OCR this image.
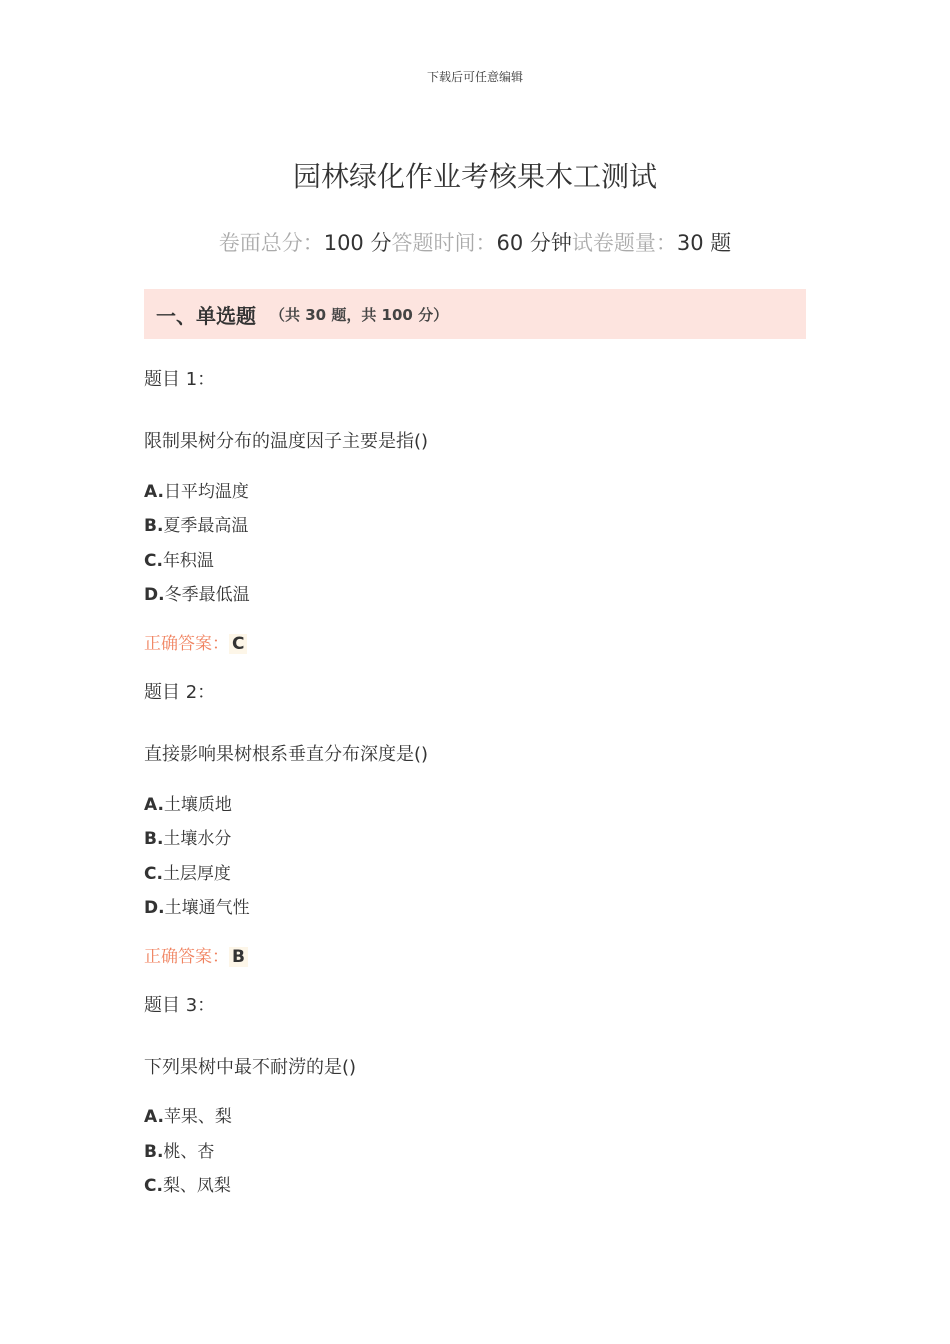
下载后可任意编辑
园林绿化作业考核果木工测试
卷面总分：100 分答题时间：60 分钟试卷题量：30 题
一、单选题 （共 30 题，共 100 分）
题目 1：
限制果树分布的温度因子主要是指()
A.日平均温度
B.夏季最高温
C.年积温
D.冬季最低温
正确答案： C
题目 2：
直接影响果树根系垂直分布深度是()
A.土壤质地
B.土壤水分
C.土层厚度
D.土壤通气性
正确答案： B
题目 3：
下列果树中最不耐涝的是()
A.苹果、梨
B.桃、杏
C.梨、凤梨
